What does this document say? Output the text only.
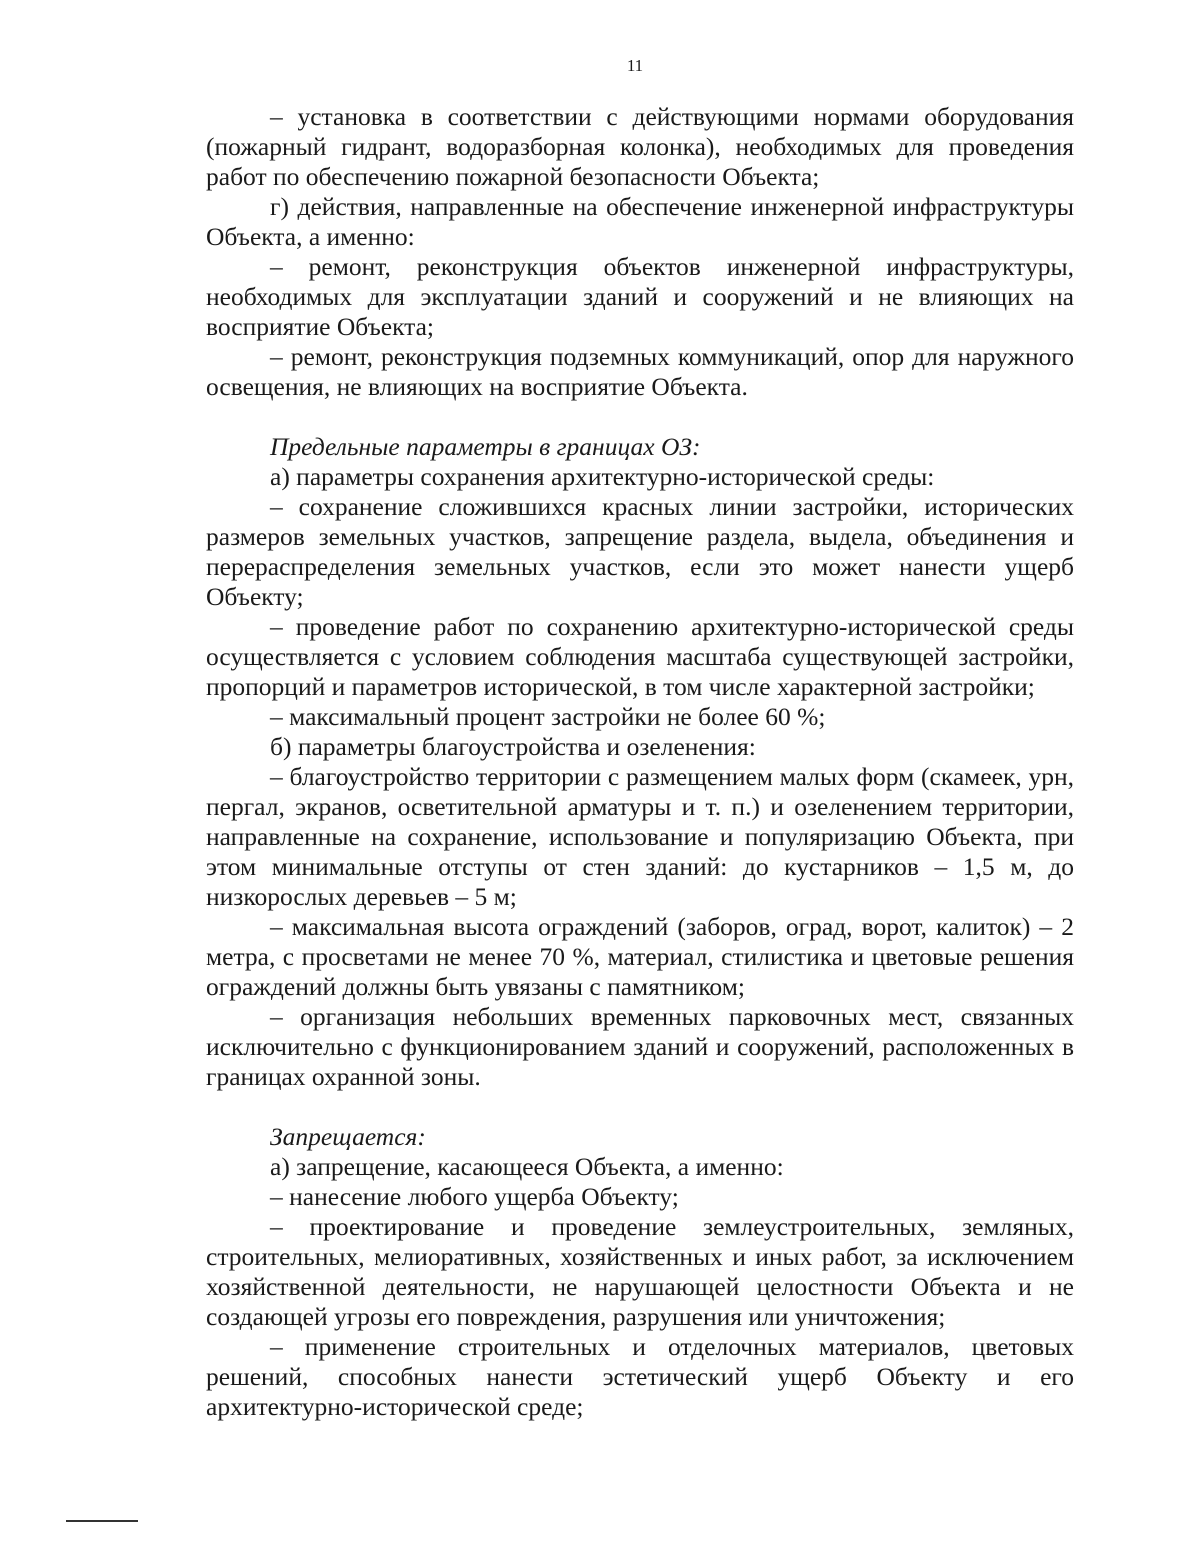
11

– установка в соответствии с действующими нормами оборудования (пожарный гидрант, водоразборная колонка), необходимых для проведения работ по обеспечению пожарной безопасности Объекта;

г) действия, направленные на обеспечение инженерной инфраструктуры Объекта, а именно:

– ремонт, реконструкция объектов инженерной инфраструктуры, необходимых для эксплуатации зданий и сооружений и не влияющих на восприятие Объекта;

– ремонт, реконструкция подземных коммуникаций, опор для наружного освещения, не влияющих на восприятие Объекта.

Предельные параметры в границах ОЗ:

а) параметры сохранения архитектурно-исторической среды:

– сохранение сложившихся красных линии застройки, исторических размеров земельных участков, запрещение раздела, выдела, объединения и перераспределения земельных участков, если это может нанести ущерб Объекту;

– проведение работ по сохранению архитектурно-исторической среды осуществляется с условием соблюдения масштаба существующей застройки, пропорций и параметров исторической, в том числе характерной застройки;

– максимальный процент застройки не более 60 %;

б) параметры благоустройства и озеленения:

– благоустройство территории с размещением малых форм (скамеек, урн, пергал, экранов, осветительной арматуры и т. п.) и озеленением территории, направленные на сохранение, использование и популяризацию Объекта, при этом минимальные отступы от стен зданий: до кустарников – 1,5 м, до низкорослых деревьев – 5 м;

– максимальная высота ограждений (заборов, оград, ворот, калиток) – 2 метра, с просветами не менее 70 %, материал, стилистика и цветовые решения ограждений должны быть увязаны с памятником;

– организация небольших временных парковочных мест, связанных исключительно с функционированием зданий и сооружений, расположенных в границах охранной зоны.

Запрещается:

а) запрещение, касающееся Объекта, а именно:

– нанесение любого ущерба Объекту;

– проектирование и проведение землеустроительных, земляных, строительных, мелиоративных, хозяйственных и иных работ, за исключением хозяйственной деятельности, не нарушающей целостности Объекта и не создающей угрозы его повреждения, разрушения или уничтожения;

– применение строительных и отделочных материалов, цветовых решений, способных нанести эстетический ущерб Объекту и его архитектурно-исторической среде;
